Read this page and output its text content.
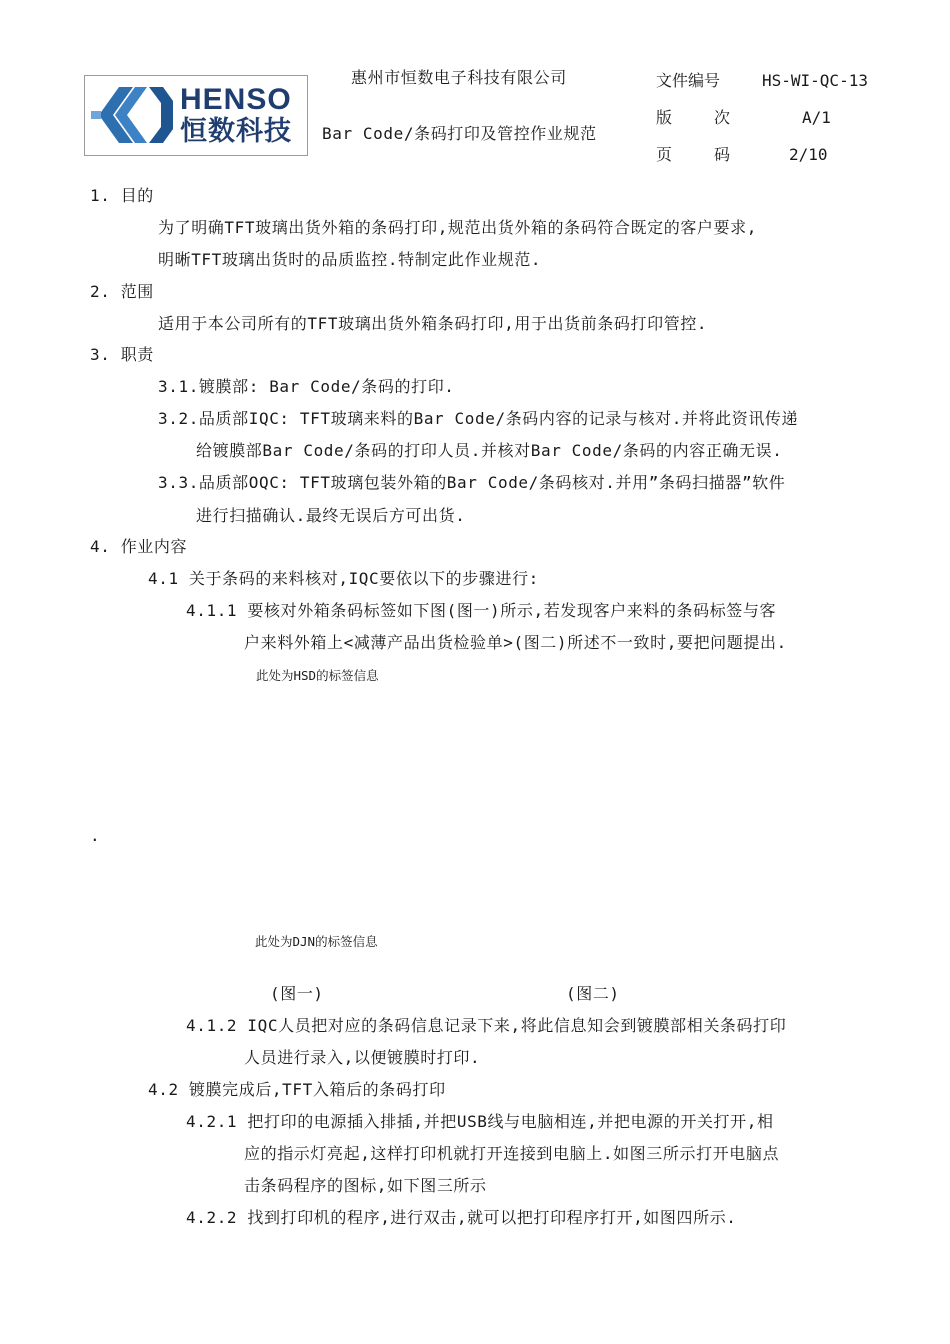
HENSO
恒数科技
惠州市恒数电子科技有限公司
Bar Code/条码打印及管控作业规范
文件编号	HS-WI-QC-13
版	次	A/1
页	码	2/10
1. 目的
为了明确TFT玻璃出货外箱的条码打印,规范出货外箱的条码符合既定的客户要求,
明晰TFT玻璃出货时的品质监控.特制定此作业规范.
2. 范围
适用于本公司所有的TFT玻璃出货外箱条码打印,用于出货前条码打印管控.
3. 职责
3.1.镀膜部: Bar Code/条码的打印.
3.2.品质部IQC: TFT玻璃来料的Bar Code/条码内容的记录与核对.并将此资讯传递
给镀膜部Bar Code/条码的打印人员.并核对Bar Code/条码的内容正确无误.
3.3.品质部OQC: TFT玻璃包装外箱的Bar Code/条码核对.并用”条码扫描器”软件
进行扫描确认.最终无误后方可出货.
4. 作业内容
4.1 关于条码的来料核对,IQC要依以下的步骤进行:
4.1.1 要核对外箱条码标签如下图(图一)所示,若发现客户来料的条码标签与客
户来料外箱上<减薄产品出货检验单>(图二)所述不一致时,要把问题提出.
此处为HSD的标签信息
.
此处为DJN的标签信息
(图一)	(图二)
4.1.2 IQC人员把对应的条码信息记录下来,将此信息知会到镀膜部相关条码打印
人员进行录入,以便镀膜时打印.
4.2 镀膜完成后,TFT入箱后的条码打印
4.2.1 把打印的电源插入排插,并把USB线与电脑相连,并把电源的开关打开,相
应的指示灯亮起,这样打印机就打开连接到电脑上.如图三所示打开电脑点
击条码程序的图标,如下图三所示
4.2.2 找到打印机的程序,进行双击,就可以把打印程序打开,如图四所示.
